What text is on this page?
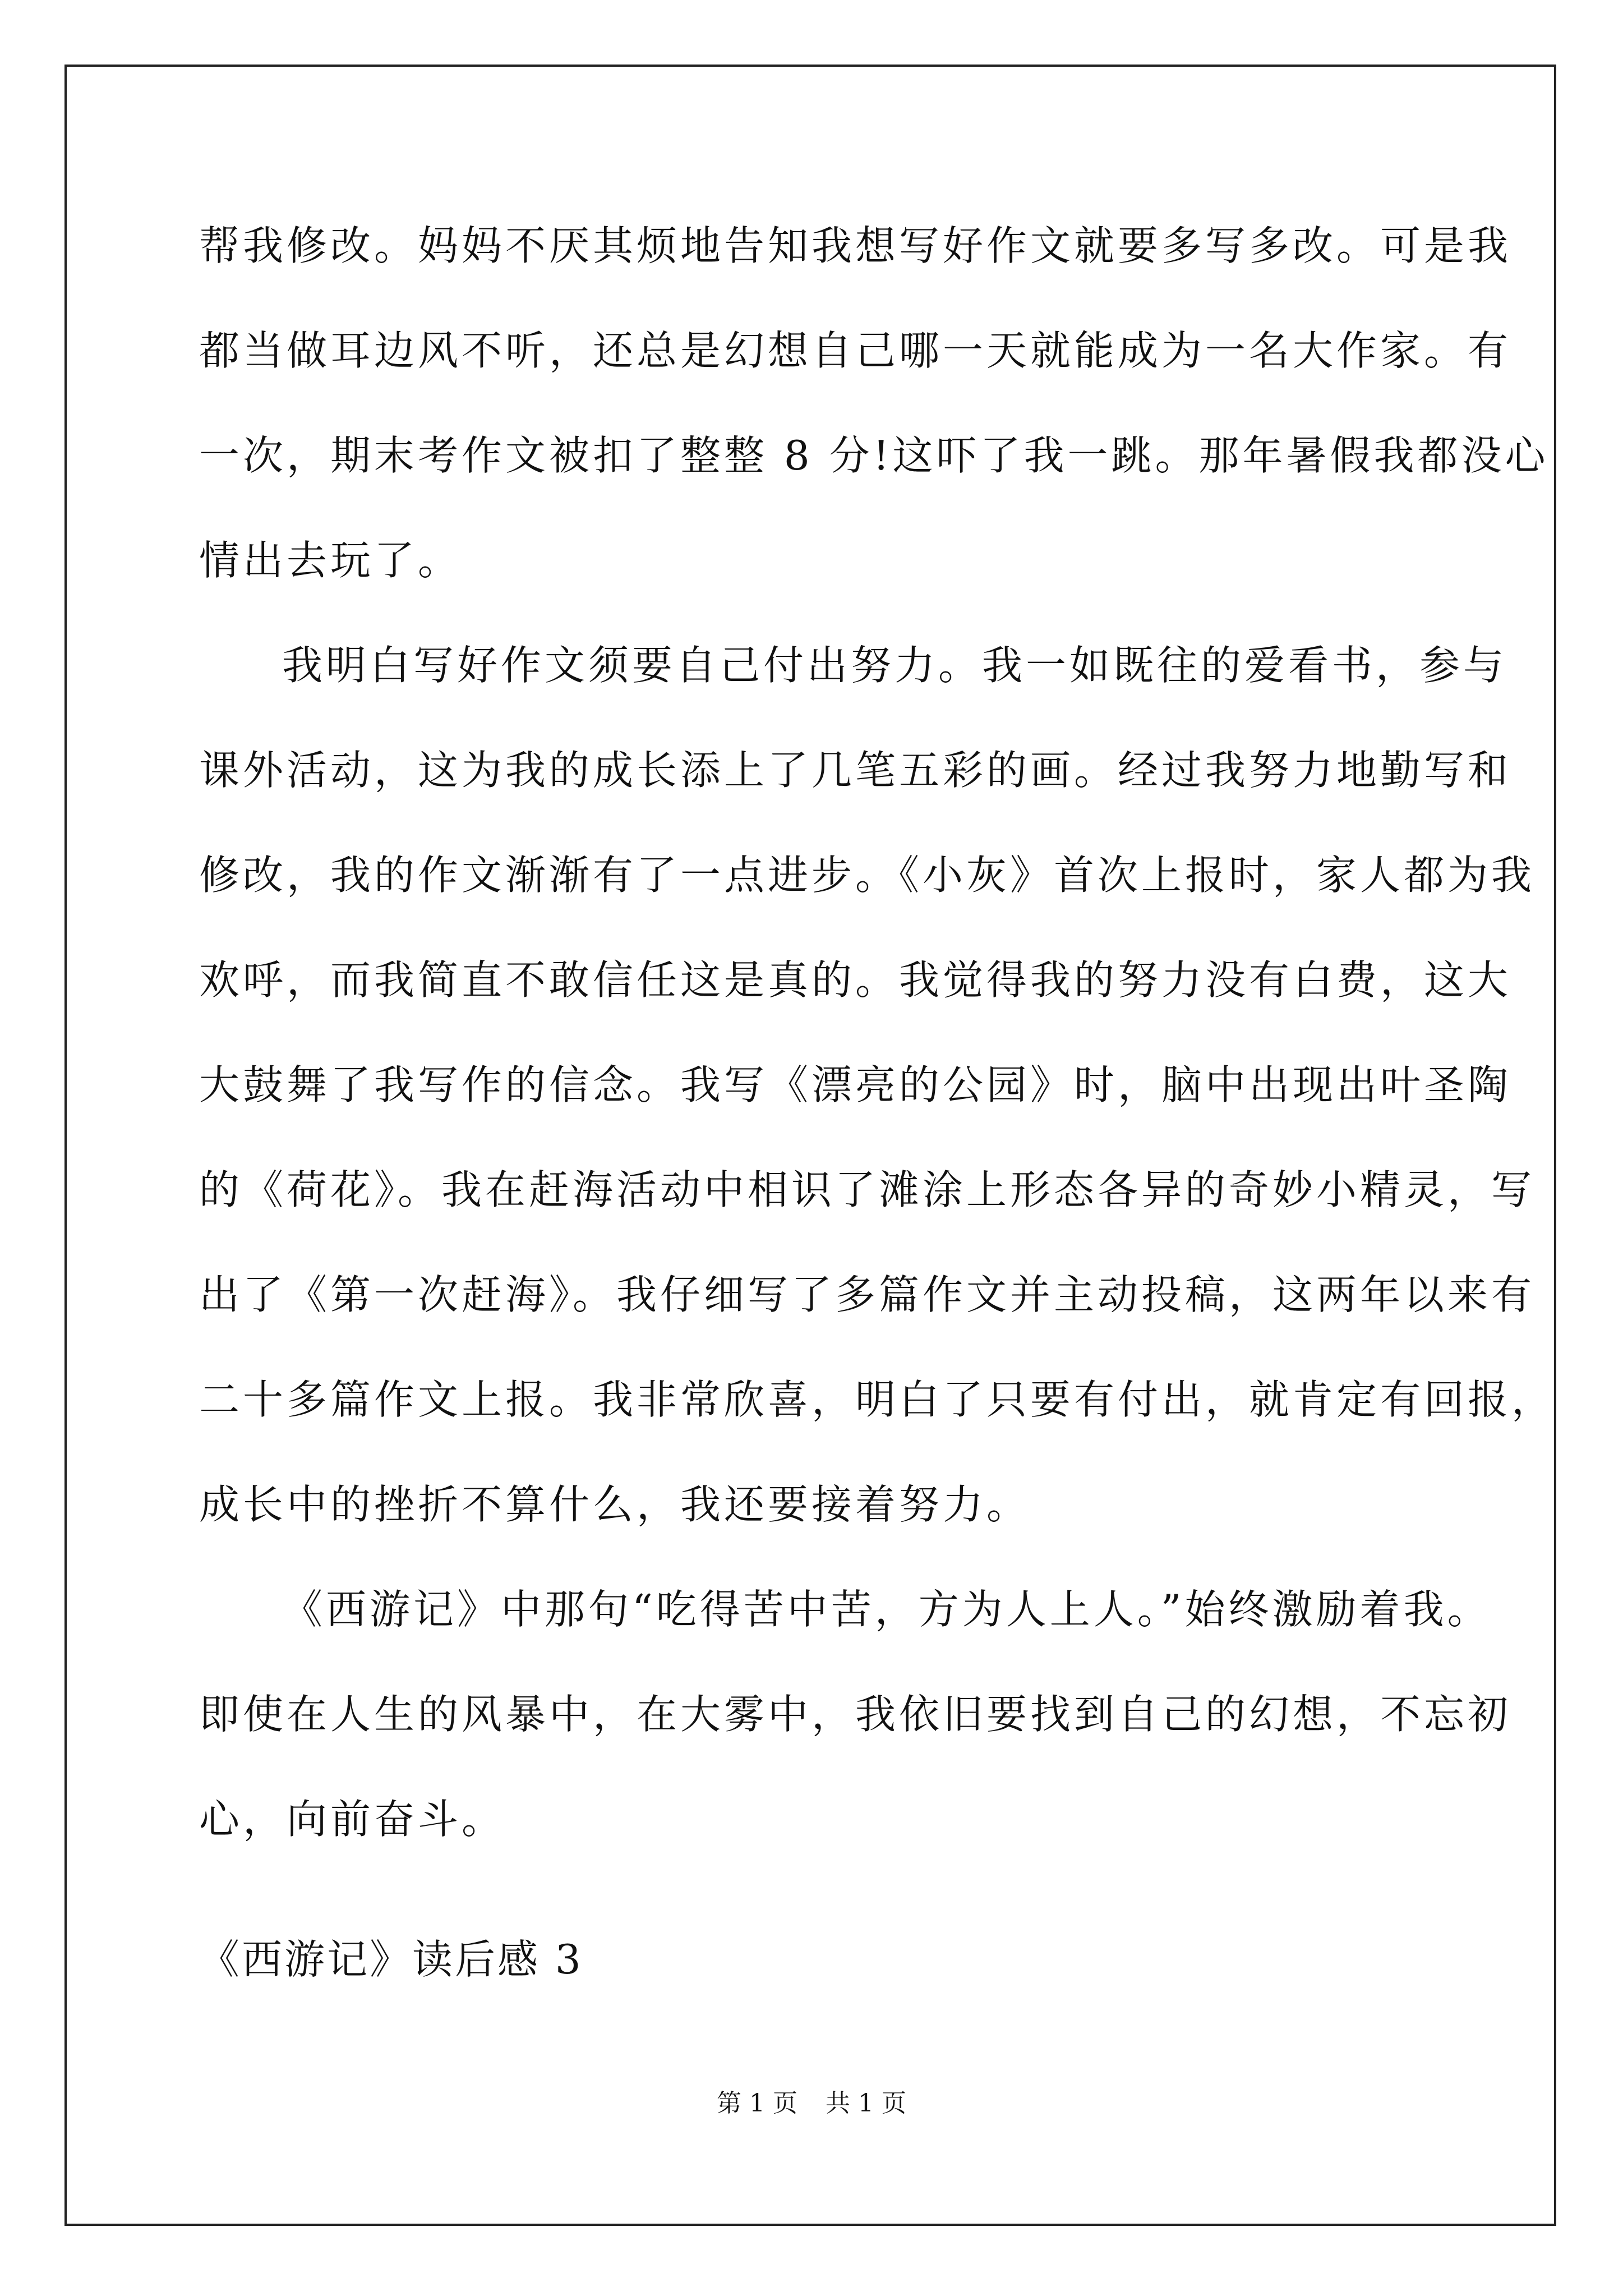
帮我修改。妈妈不厌其烦地告知我想写好作文就要多写多改。可是我
都当做耳边风不听，还总是幻想自己哪一天就能成为一名大作家。有
一次，期末考作文被扣了整整 8 分!这吓了我一跳。那年暑假我都没心
情出去玩了。
我明白写好作文须要自己付出努力。我一如既往的爱看书，参与
课外活动，这为我的成长添上了几笔五彩的画。经过我努力地勤写和
修改，我的作文渐渐有了一点进步。《小灰》首次上报时，家人都为我
欢呼，而我简直不敢信任这是真的。我觉得我的努力没有白费，这大
大鼓舞了我写作的信念。我写《漂亮的公园》时，脑中出现出叶圣陶
的《荷花》。我在赶海活动中相识了滩涂上形态各异的奇妙小精灵，写
出了《第一次赶海》。我仔细写了多篇作文并主动投稿，这两年以来有
二十多篇作文上报。我非常欣喜，明白了只要有付出，就肯定有回报，
成长中的挫折不算什么，我还要接着努力。
《西游记》中那句“吃得苦中苦，方为人上人。”始终激励着我。
即使在人生的风暴中，在大雾中，我依旧要找到自己的幻想，不忘初
心，向前奋斗。
《西游记》读后感 3
第 1 页 共 1 页
